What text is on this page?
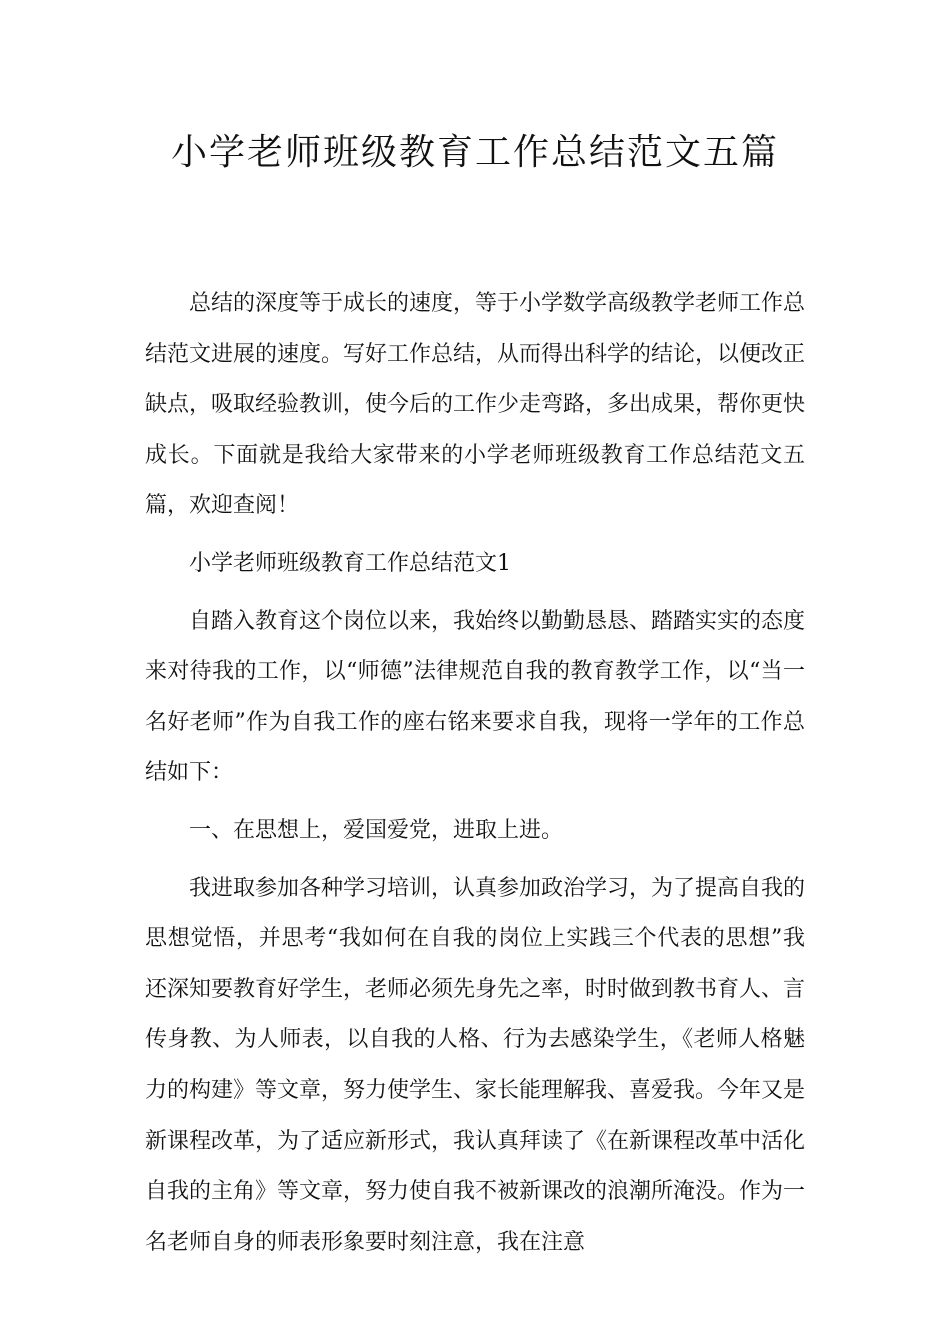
小学老师班级教育工作总结范文五篇

总结的深度等于成长的速度，等于小学数学高级教学老师工作总结范文进展的速度。写好工作总结，从而得出科学的结论，以便改正缺点，吸取经验教训，使今后的工作少走弯路，多出成果，帮你更快成长。下面就是我给大家带来的小学老师班级教育工作总结范文五篇，欢迎查阅！

小学老师班级教育工作总结范文1

自踏入教育这个岗位以来，我始终以勤勤恳恳、踏踏实实的态度来对待我的工作，以“师德”法律规范自我的教育教学工作，以“当一名好老师”作为自我工作的座右铭来要求自我，现将一学年的工作总结如下：

一、在思想上，爱国爱党，进取上进。

我进取参加各种学习培训，认真参加政治学习，为了提高自我的思想觉悟，并思考“我如何在自我的岗位上实践三个代表的思想”我还深知要教育好学生，老师必须先身先之率，时时做到教书育人、言传身教、为人师表，以自我的人格、行为去感染学生，《老师人格魅力的构建》等文章，努力使学生、家长能理解我、喜爱我。今年又是新课程改革，为了适应新形式，我认真拜读了《在新课程改革中活化自我的主角》等文章，努力使自我不被新课改的浪潮所淹没。作为一名老师自身的师表形象要时刻注意，我在注意
